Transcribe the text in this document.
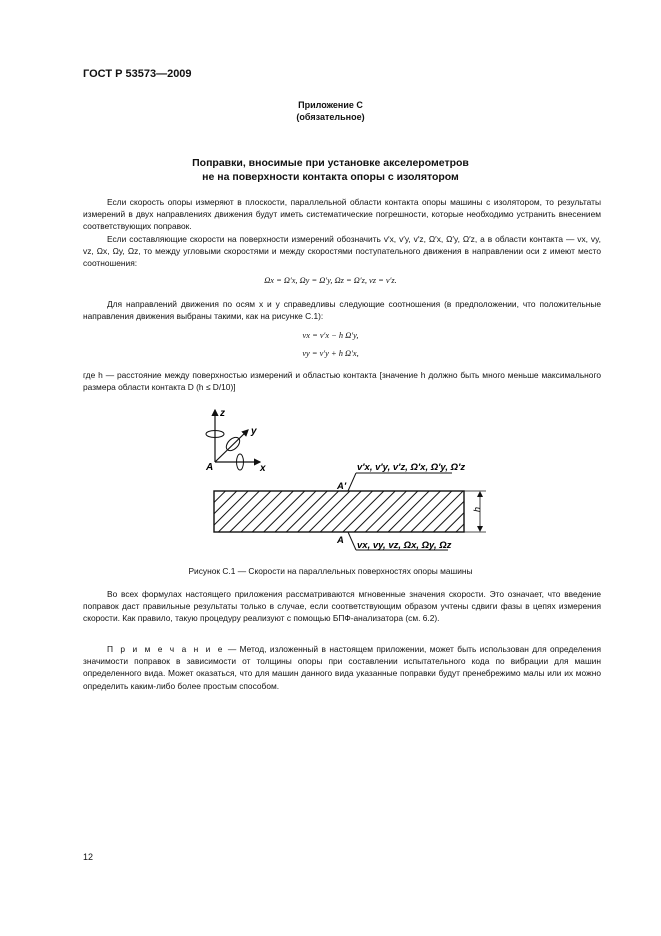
ГОСТ Р 53573—2009
Приложение С
(обязательное)
Поправки, вносимые при установке акселерометров
не на поверхности контакта опоры с изолятором
Если скорость опоры измеряют в плоскости, параллельной области контакта опоры машины с изолятором, то результаты измерений в двух направлениях движения будут иметь систематические погрешности, которые необходимо устранить внесением соответствующих поправок.
Если составляющие скорости на поверхности измерений обозначить v′x, v′y, v′z, Ω′x, Ω′y, Ω′z, а в области контакта — vx, vy, vz, Ωx, Ωy, Ωz, то между угловыми скоростями и между скоростями поступательного движения в направлении оси z имеют место соотношения:
Ωx = Ω′x, Ωy = Ω′y, Ωz = Ω′z, vz = v′z.
Для направлений движения по осям x и y справедливы следующие соотношения (в предположении, что положительные направления движения выбраны такими, как на рисунке С.1):
vx = v′x − h Ω′y,
vy = v′y + h Ω′x,
где h — расстояние между поверхностью измерений и областью контакта [значение h должно быть много меньше максимального размера области контакта D (h ≤ D/10)]
z
y
x
A
h
A′
v′x, v′y, v′z, Ω′x, Ω′y, Ω′z
A vx, vy, vz, Ωx, Ωy, Ωz
Рисунок С.1 — Скорости на параллельных поверхностях опоры машины
Во всех формулах настоящего приложения рассматриваются мгновенные значения скорости. Это означает, что введение поправок даст правильные результаты только в случае, если соответствующим образом учтены сдвиги фазы в цепях измерения скорости. Как правило, такую процедуру реализуют с помощью БПФ-анализатора (см. 6.2).
П р и м е ч а н и е — Метод, изложенный в настоящем приложении, может быть использован для определения значимости поправок в зависимости от толщины опоры при составлении испытательного кода по вибрации для машин определенного вида. Может оказаться, что для машин данного вида указанные поправки будут пренебрежимо малы или их можно определить каким-либо более простым способом.
12
